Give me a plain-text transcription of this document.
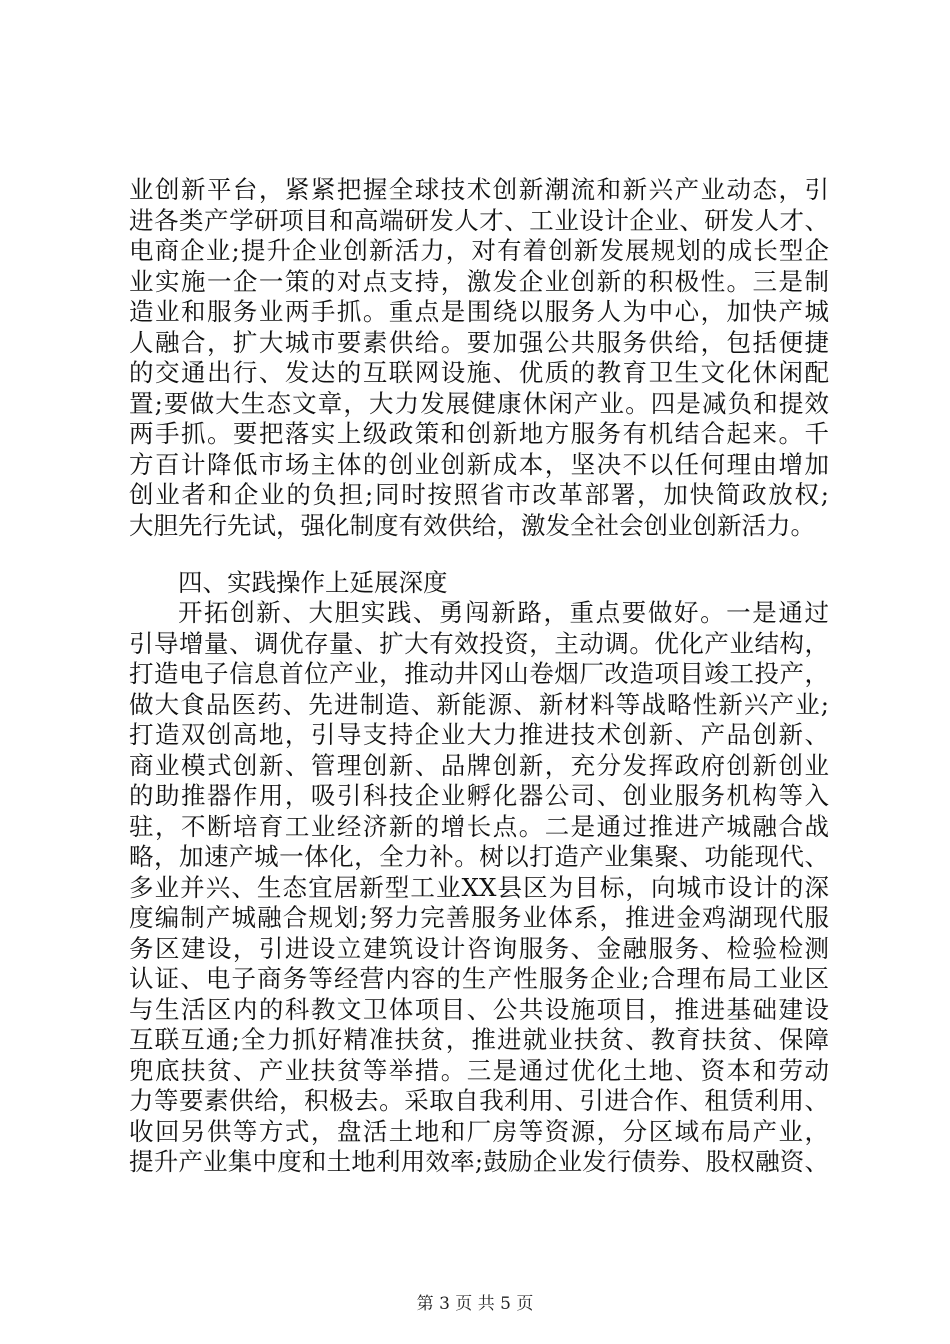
业创新平台，紧紧把握全球技术创新潮流和新兴产业动态，引
进各类产学研项目和高端研发人才、工业设计企业、研发人才、
电商企业;提升企业创新活力，对有着创新发展规划的成长型企
业实施一企一策的对点支持，激发企业创新的积极性。三是制
造业和服务业两手抓。重点是围绕以服务人为中心，加快产城
人融合，扩大城市要素供给。要加强公共服务供给，包括便捷
的交通出行、发达的互联网设施、优质的教育卫生文化休闲配
置;要做大生态文章，大力发展健康休闲产业。四是减负和提效
两手抓。要把落实上级政策和创新地方服务有机结合起来。千
方百计降低市场主体的创业创新成本，坚决不以任何理由增加
创业者和企业的负担;同时按照省市改革部署，加快简政放权;
大胆先行先试，强化制度有效供给，激发全社会创业创新活力。
四、实践操作上延展深度
开拓创新、大胆实践、勇闯新路，重点要做好。一是通过
引导增量、调优存量、扩大有效投资，主动调。优化产业结构，
打造电子信息首位产业，推动井冈山卷烟厂改造项目竣工投产，
做大食品医药、先进制造、新能源、新材料等战略性新兴产业;
打造双创高地，引导支持企业大力推进技术创新、产品创新、
商业模式创新、管理创新、品牌创新，充分发挥政府创新创业
的助推器作用，吸引科技企业孵化器公司、创业服务机构等入
驻，不断培育工业经济新的增长点。二是通过推进产城融合战
略，加速产城一体化，全力补。树以打造产业集聚、功能现代、
多业并兴、生态宜居新型工业XX县区为目标，向城市设计的深
度编制产城融合规划;努力完善服务业体系，推进金鸡湖现代服
务区建设，引进设立建筑设计咨询服务、金融服务、检验检测
认证、电子商务等经营内容的生产性服务企业;合理布局工业区
与生活区内的科教文卫体项目、公共设施项目，推进基础建设
互联互通;全力抓好精准扶贫，推进就业扶贫、教育扶贫、保障
兜底扶贫、产业扶贫等举措。三是通过优化土地、资本和劳动
力等要素供给，积极去。采取自我利用、引进合作、租赁利用、
收回另供等方式，盘活土地和厂房等资源，分区域布局产业，
提升产业集中度和土地利用效率;鼓励企业发行债券、股权融资、
第 3 页 共 5 页
